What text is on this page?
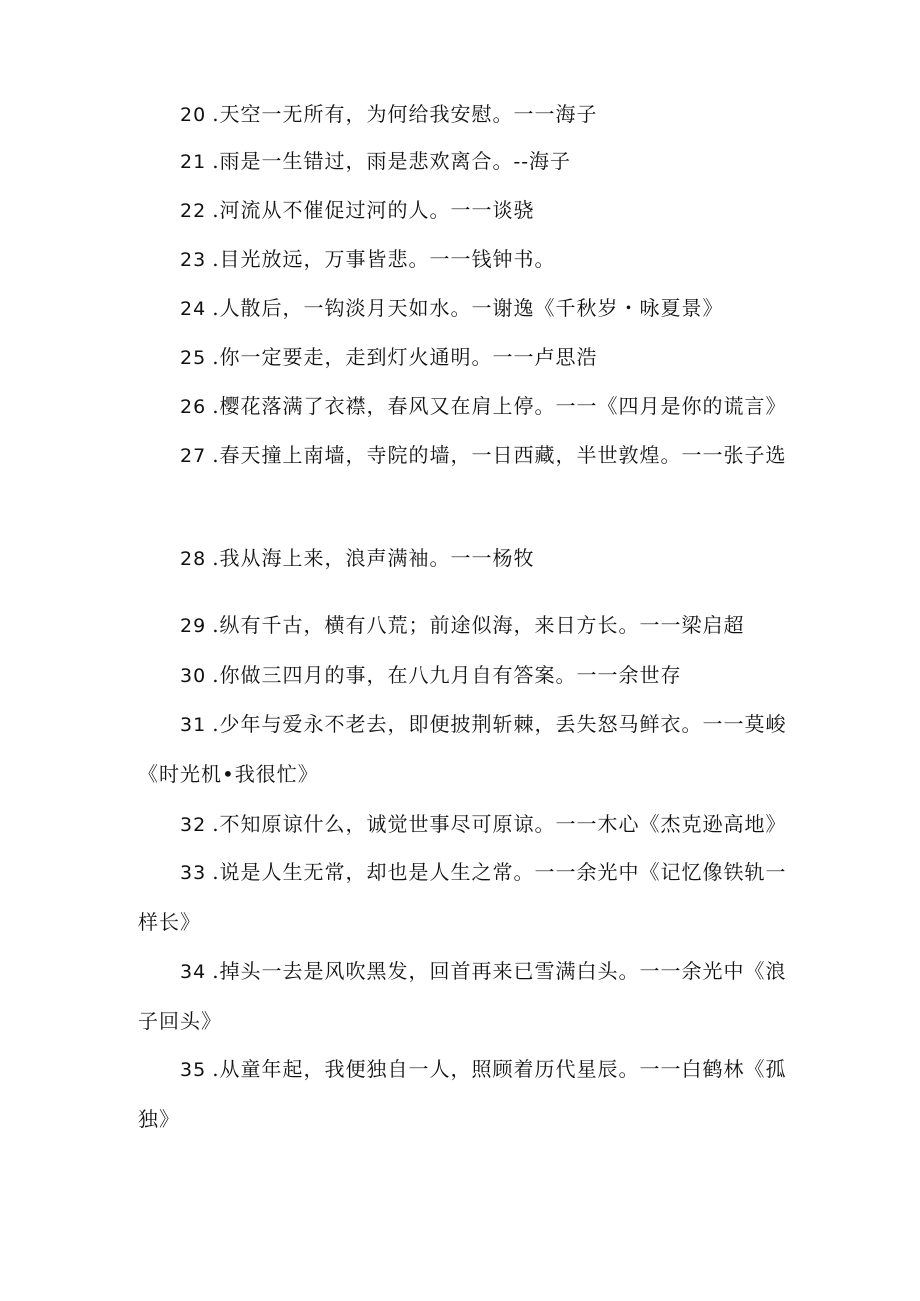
20 .天空一无所有，为何给我安慰。一一海子

21 .雨是一生错过，雨是悲欢离合。--海子

22 .河流从不催促过河的人。一一谈骁

23 .目光放远，万事皆悲。一一钱钟书。

24 .人散后，一钩淡月天如水。一谢逸《千秋岁・咏夏景》

25 .你一定要走，走到灯火通明。一一卢思浩

26 .樱花落满了衣襟，春风又在肩上停。一一《四月是你的谎言》

27 .春天撞上南墙，寺院的墙，一日西藏，半世敦煌。一一张子选

28 .我从海上来，浪声满袖。一一杨牧

29 .纵有千古，横有八荒；前途似海，来日方长。一一梁启超

30 .你做三四月的事，在八九月自有答案。一一余世存

31 .少年与爱永不老去，即便披荆斩棘，丢失怒马鲜衣。一一莫峻《时光机•我很忙》

32 .不知原谅什么，诚觉世事尽可原谅。一一木心《杰克逊高地》

33 .说是人生无常，却也是人生之常。一一余光中《记忆像铁轨一样长》

34 .掉头一去是风吹黑发，回首再来已雪满白头。一一余光中《浪子回头》

35 .从童年起，我便独自一人，照顾着历代星辰。一一白鹤林《孤独》
